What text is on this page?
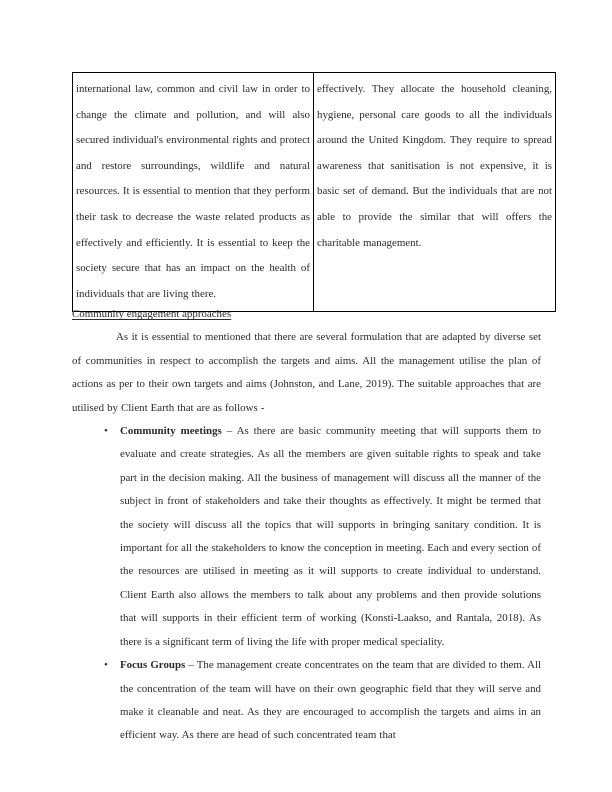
international law, common and civil law in order to change the climate and pollution, and will also secured individual's environmental rights and protect and restore surroundings, wildlife and natural resources. It is essential to mention that they perform their task to decrease the waste related products as effectively and efficiently. It is essential to keep the society secure that has an impact on the health of individuals that are living there.

effectively. They allocate the household cleaning, hygiene, personal care goods to all the individuals around the United Kingdom. They require to spread awareness that sanitisation is not expensive, it is basic set of demand. But the individuals that are not able to provide the similar that will offers the charitable management.

Community engagement approaches

As it is essential to mentioned that there are several formulation that are adapted by diverse set of communities in respect to accomplish the targets and aims. All the management utilise the plan of actions as per to their own targets and aims (Johnston, and Lane, 2019). The suitable approaches that are utilised by Client Earth that are as follows -

• Community meetings – As there are basic community meeting that will supports them to evaluate and create strategies. As all the members are given suitable rights to speak and take part in the decision making. All the business of management will discuss all the manner of the subject in front of stakeholders and take their thoughts as effectively. It might be termed that the society will discuss all the topics that will supports in bringing sanitary condition. It is important for all the stakeholders to know the conception in meeting. Each and every section of the resources are utilised in meeting as it will supports to create individual to understand. Client Earth also allows the members to talk about any problems and then provide solutions that will supports in their efficient term of working (Konsti-Laakso, and Rantala, 2018). As there is a significant term of living the life with proper medical speciality.
• Focus Groups – The management create concentrates on the team that are divided to them. All the concentration of the team will have on their own geographic field that they will serve and make it cleanable and neat. As they are encouraged to accomplish the targets and aims in an efficient way. As there are head of such concentrated team that
